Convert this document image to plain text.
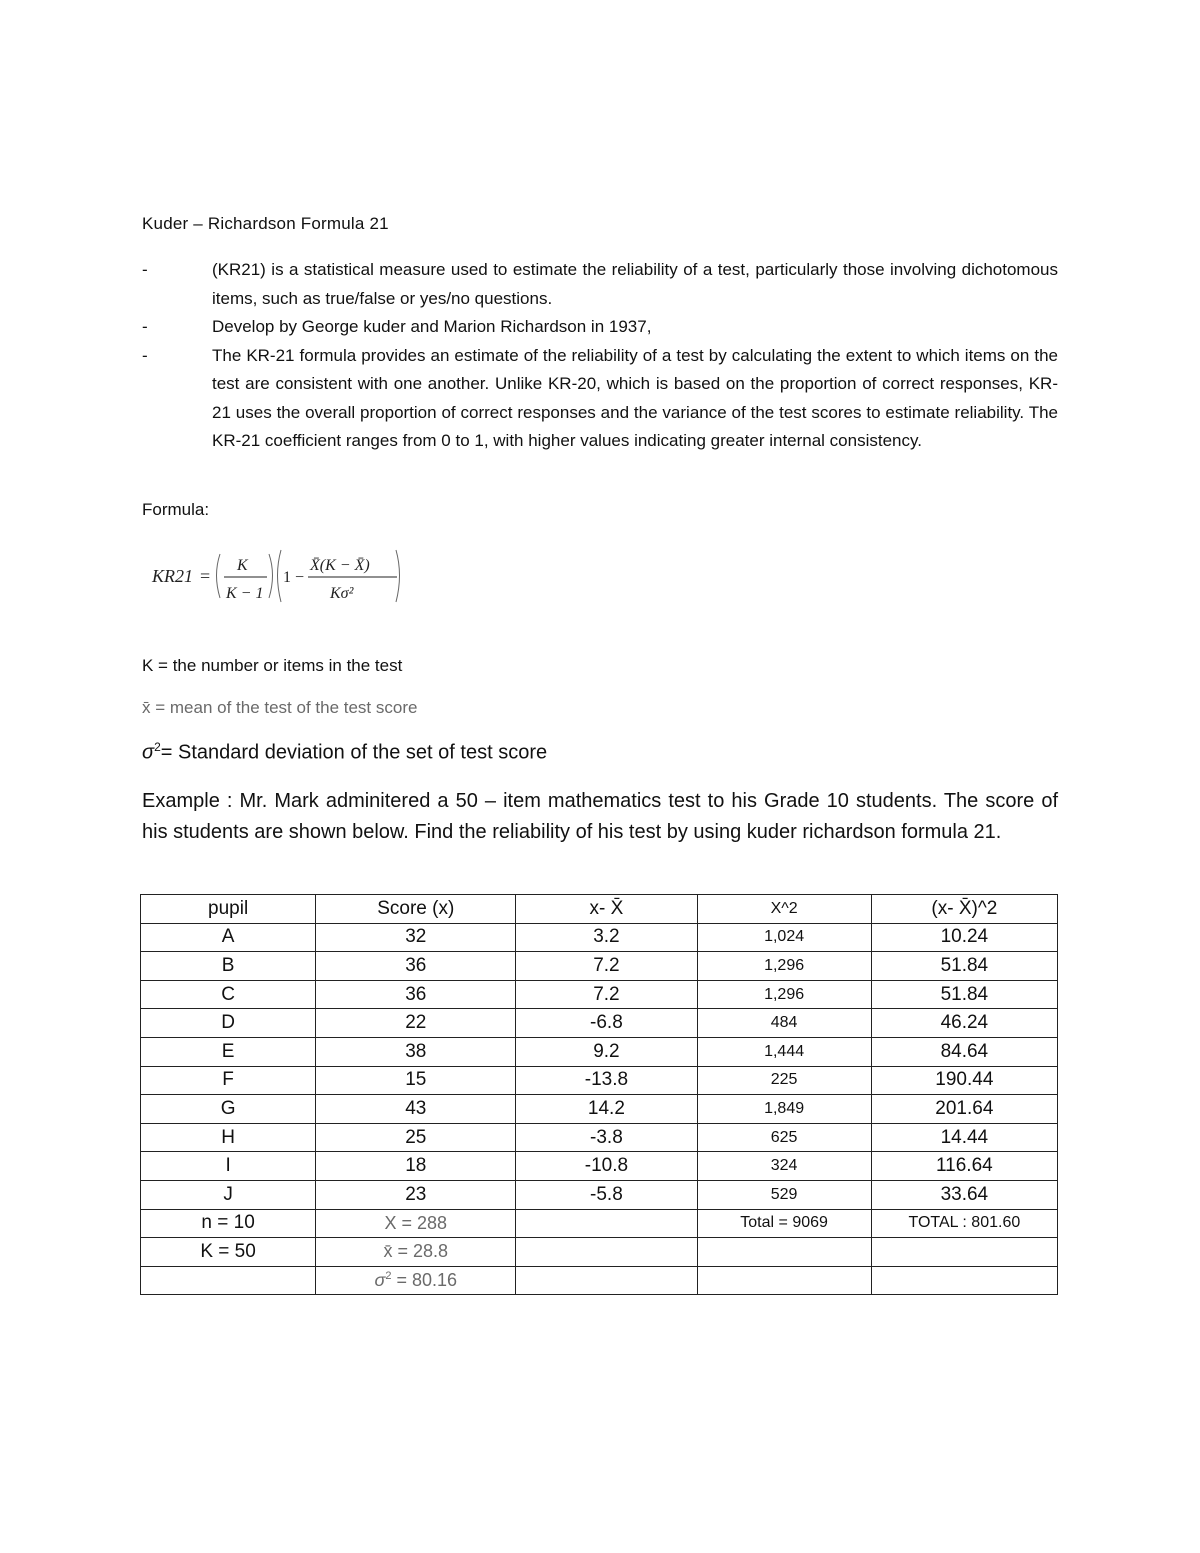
Kuder – Richardson Formula 21
-	(KR21) is a statistical measure used to estimate the reliability of a test, particularly those involving dichotomous items, such as true/false or yes/no questions.
-	Develop by George kuder and Marion Richardson in 1937,
-	The KR-21 formula provides an estimate of the reliability of a test by calculating the extent to which items on the test are consistent with one another. Unlike KR-20, which is based on the proportion of correct responses, KR-21 uses the overall proportion of correct responses and the variance of the test scores to estimate reliability. The KR-21 coefficient ranges from 0 to 1, with higher values indicating greater internal consistency.
Formula:
KR21 =
K
K − 1
1 −
X̄(K − X̄)
Kσ²
K = the number or items in the test
x̄ = mean of the test of the test score
$\sigma^2=$ Standard deviation of the set of test score
Example : Mr. Mark adminitered a 50 – item mathematics test to his Grade 10 students. The score of his students are shown below. Find the reliability of his test by using kuder richardson formula 21.
pupil	Score (x)	x- X̄	X^2	(x- X̄)^2
A	32	3.2	1,024	10.24
B	36	7.2	1,296	51.84
C	36	7.2	1,296	51.84
D	22	-6.8	484	46.24
E	38	9.2	1,444	84.64
F	15	-13.8	225	190.44
G	43	14.2	1,849	201.64
H	25	-3.8	625	14.44
I	18	-10.8	324	116.64
J	23	-5.8	529	33.64
n = 10	X = 288		Total = 9069	TOTAL : 801.60
K = 50	x̄ = 28.8			
	$\sigma^2 = 80.16$			
